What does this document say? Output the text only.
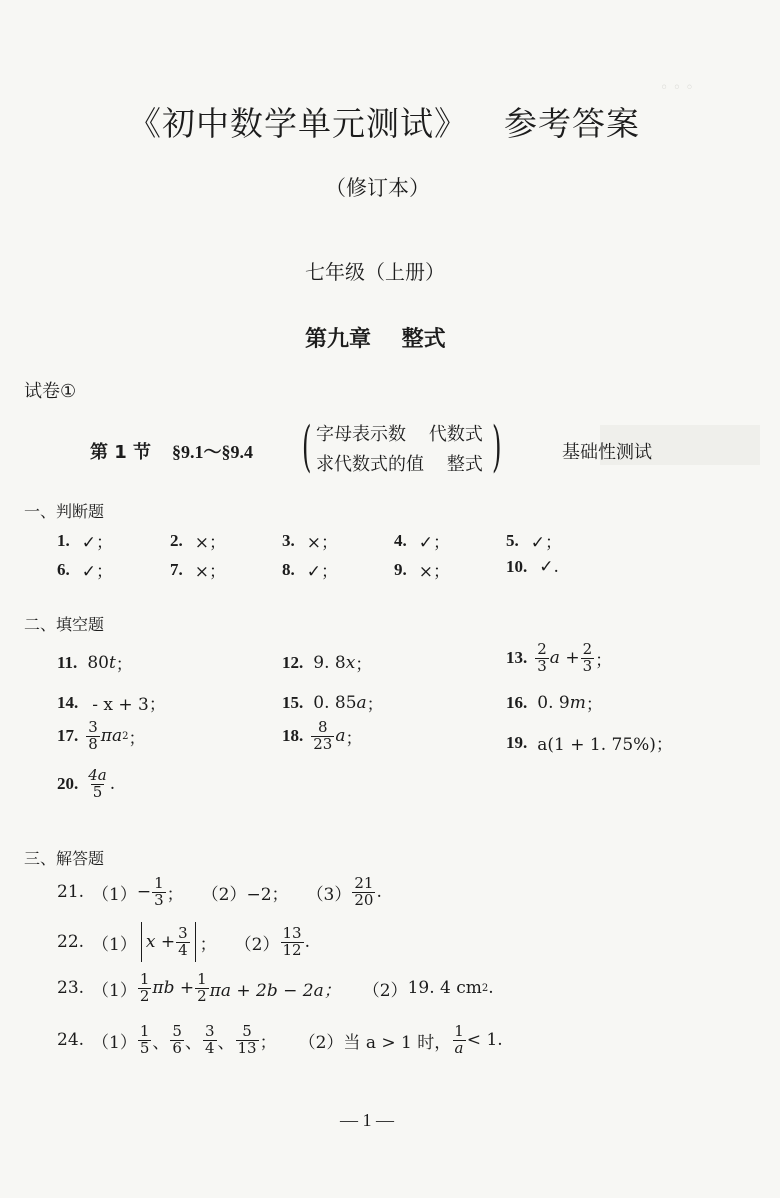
◦ ◦ ◦
《初中数学单元测试》 参考答案
（修订本）
七年级（上册）
第九章    整式
试卷①
第 1 节 §9.1～§9.4 ( 字母表示数    代数式
求代数式的值    整式 )	基础性测试
一、判断题
1. ✓；	2. ×；	3. ×；	4. ✓；	5. ✓；
6. ✓；	7. ×；	8. ✓；	9. ×；	10. ✓.
二、填空题
11. 80 t ；	12. 9. 8 x ；	13. $\frac{2}{3}$ $a + \frac{2}{3}$ ；
14. - x + 3；	15. 0. 85 a ；	16. 0. 9 m ；
17. $\frac{3}{8}$ πa 2 ；	18. $\frac{8}{23}$ a ；	19. a(1 + 1. 75%)；
20. $\frac{4a}{5}$ .
三、解答题
21. $(1) - \frac{1}{3}$ ； （2） −2； $(3) \frac{21}{20}$ .
22. （1） $x + \frac{3}{4}$ ； $(2) \frac{13}{12}$ .
23. $(1) \frac{1}{2}$ $\pi b + \frac{1}{2}$ πa + 2b − 2a； （2） 19. 4 cm 2 .
24. $(1) \frac{1}{5}$ 、 $\frac{5}{6}$ 、 $\frac{3}{4}$ 、 $\frac{5}{13}$ ； （2）当 a > 1 时， $\frac{1}{a} < 1$.
— 1 —
